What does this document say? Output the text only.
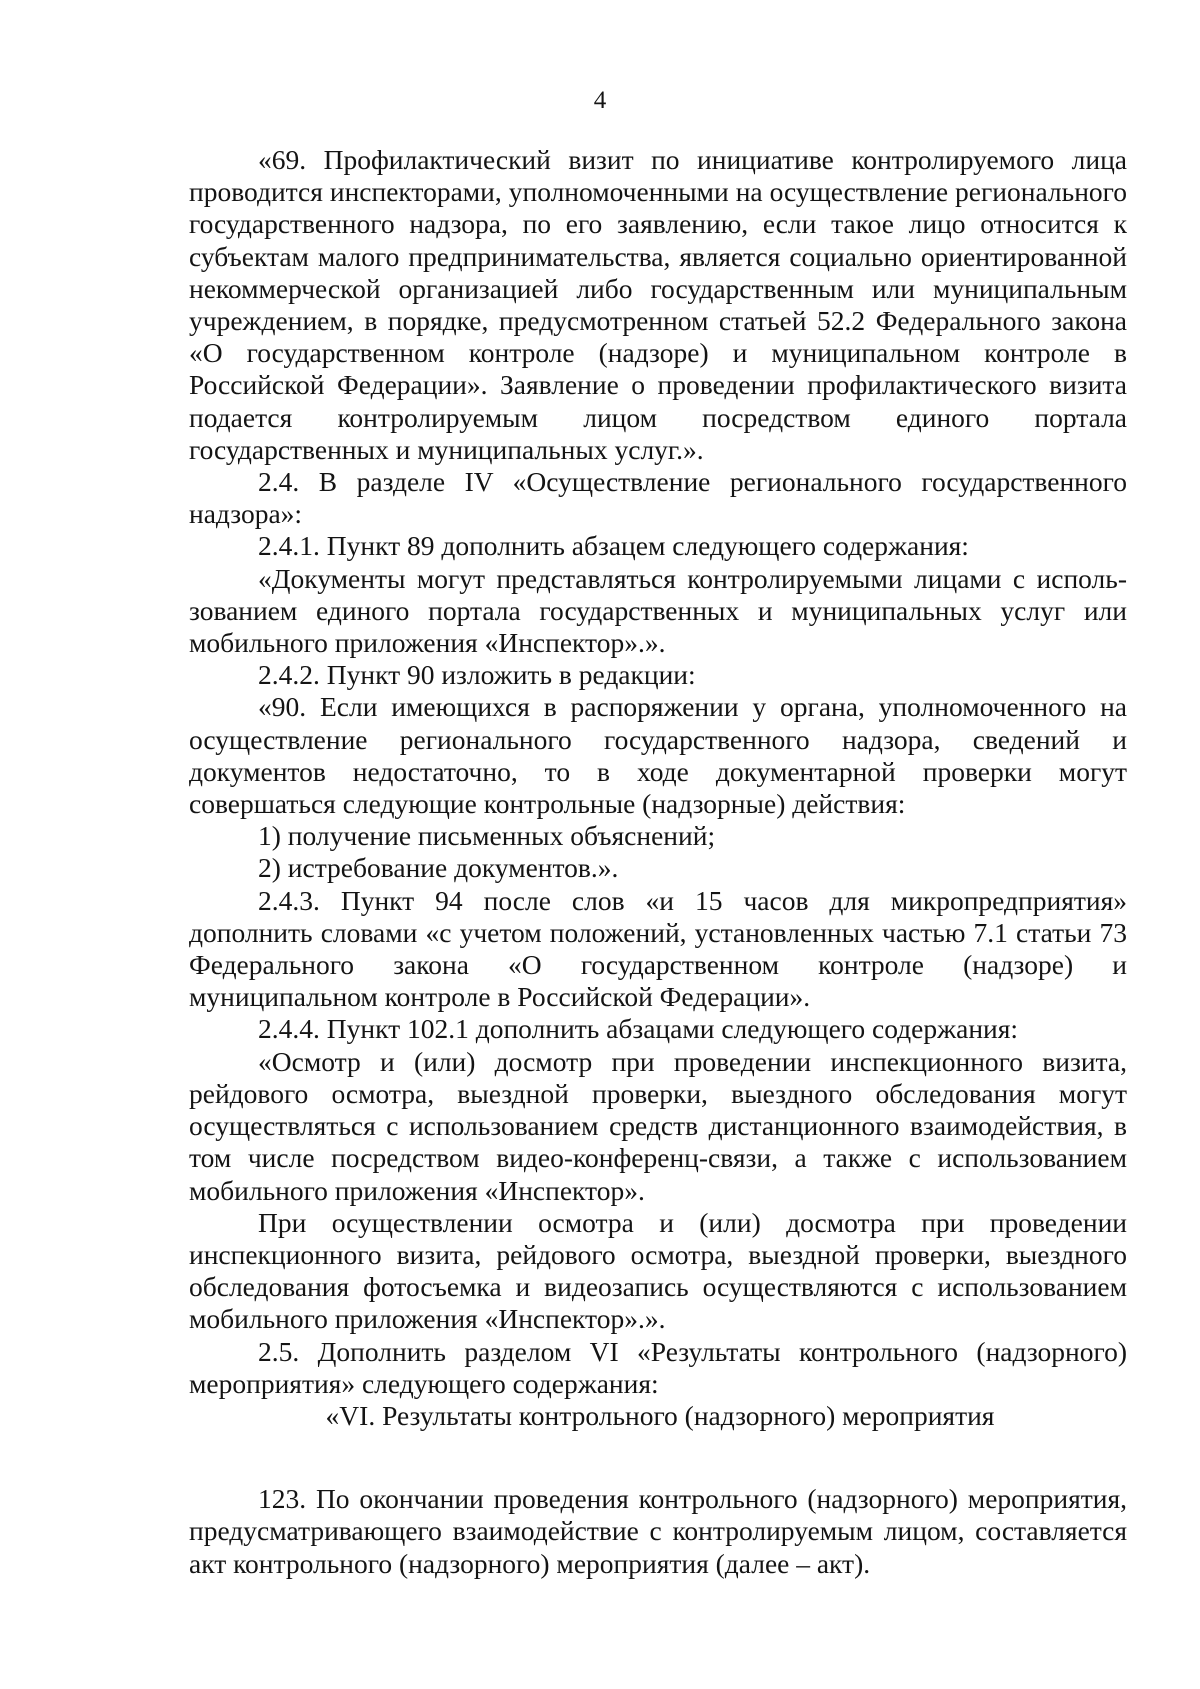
4

«69. Профилактический визит по инициативе контролируемого лица проводится инспекторами, уполномоченными на осуществление регионального государственного надзора, по его заявлению, если такое лицо относится к субъектам малого предпринимательства, является социально ориентированной некоммерческой организацией либо государственным или муниципальным учреждением, в порядке, предусмотренном статьей 52.2 Федерального закона «О государственном контроле (надзоре) и муниципальном контроле в Российской Федерации». Заявление о проведении профилактического визита подается контролируемым лицом посредством единого портала государственных и муниципальных услуг.».

2.4. В разделе IV «Осуществление регионального государственного надзора»:

2.4.1. Пункт 89 дополнить абзацем следующего содержания:

«Документы могут представляться контролируемыми лицами с использованием единого портала государственных и муниципальных услуг или мобильного приложения «Инспектор».».

2.4.2. Пункт 90 изложить в редакции:

«90. Если имеющихся в распоряжении у органа, уполномоченного на осуществление регионального государственного надзора, сведений и документов недостаточно, то в ходе документарной проверки могут совершаться следующие контрольные (надзорные) действия:

1) получение письменных объяснений;

2) истребование документов.».

2.4.3. Пункт 94 после слов «и 15 часов для микропредприятия» дополнить словами «с учетом положений, установленных частью 7.1 статьи 73 Федерального закона «О государственном контроле (надзоре) и муниципальном контроле в Российской Федерации».

2.4.4. Пункт 102.1 дополнить абзацами следующего содержания:

«Осмотр и (или) досмотр при проведении инспекционного визита, рейдового осмотра, выездной проверки, выездного обследования могут осуществляться с использованием средств дистанционного взаимодействия, в том числе посредством видео-конференц-связи, а также с использованием мобильного приложения «Инспектор».

При осуществлении осмотра и (или) досмотра при проведении инспекционного визита, рейдового осмотра, выездной проверки, выездного обследования фотосъемка и видеозапись осуществляются с использованием мобильного приложения «Инспектор».».

2.5. Дополнить разделом VI «Результаты контрольного (надзорного) мероприятия» следующего содержания:

«VI. Результаты контрольного (надзорного) мероприятия

123. По окончании проведения контрольного (надзорного) мероприятия, предусматривающего взаимодействие с контролируемым лицом, составляется акт контрольного (надзорного) мероприятия (далее – акт).
